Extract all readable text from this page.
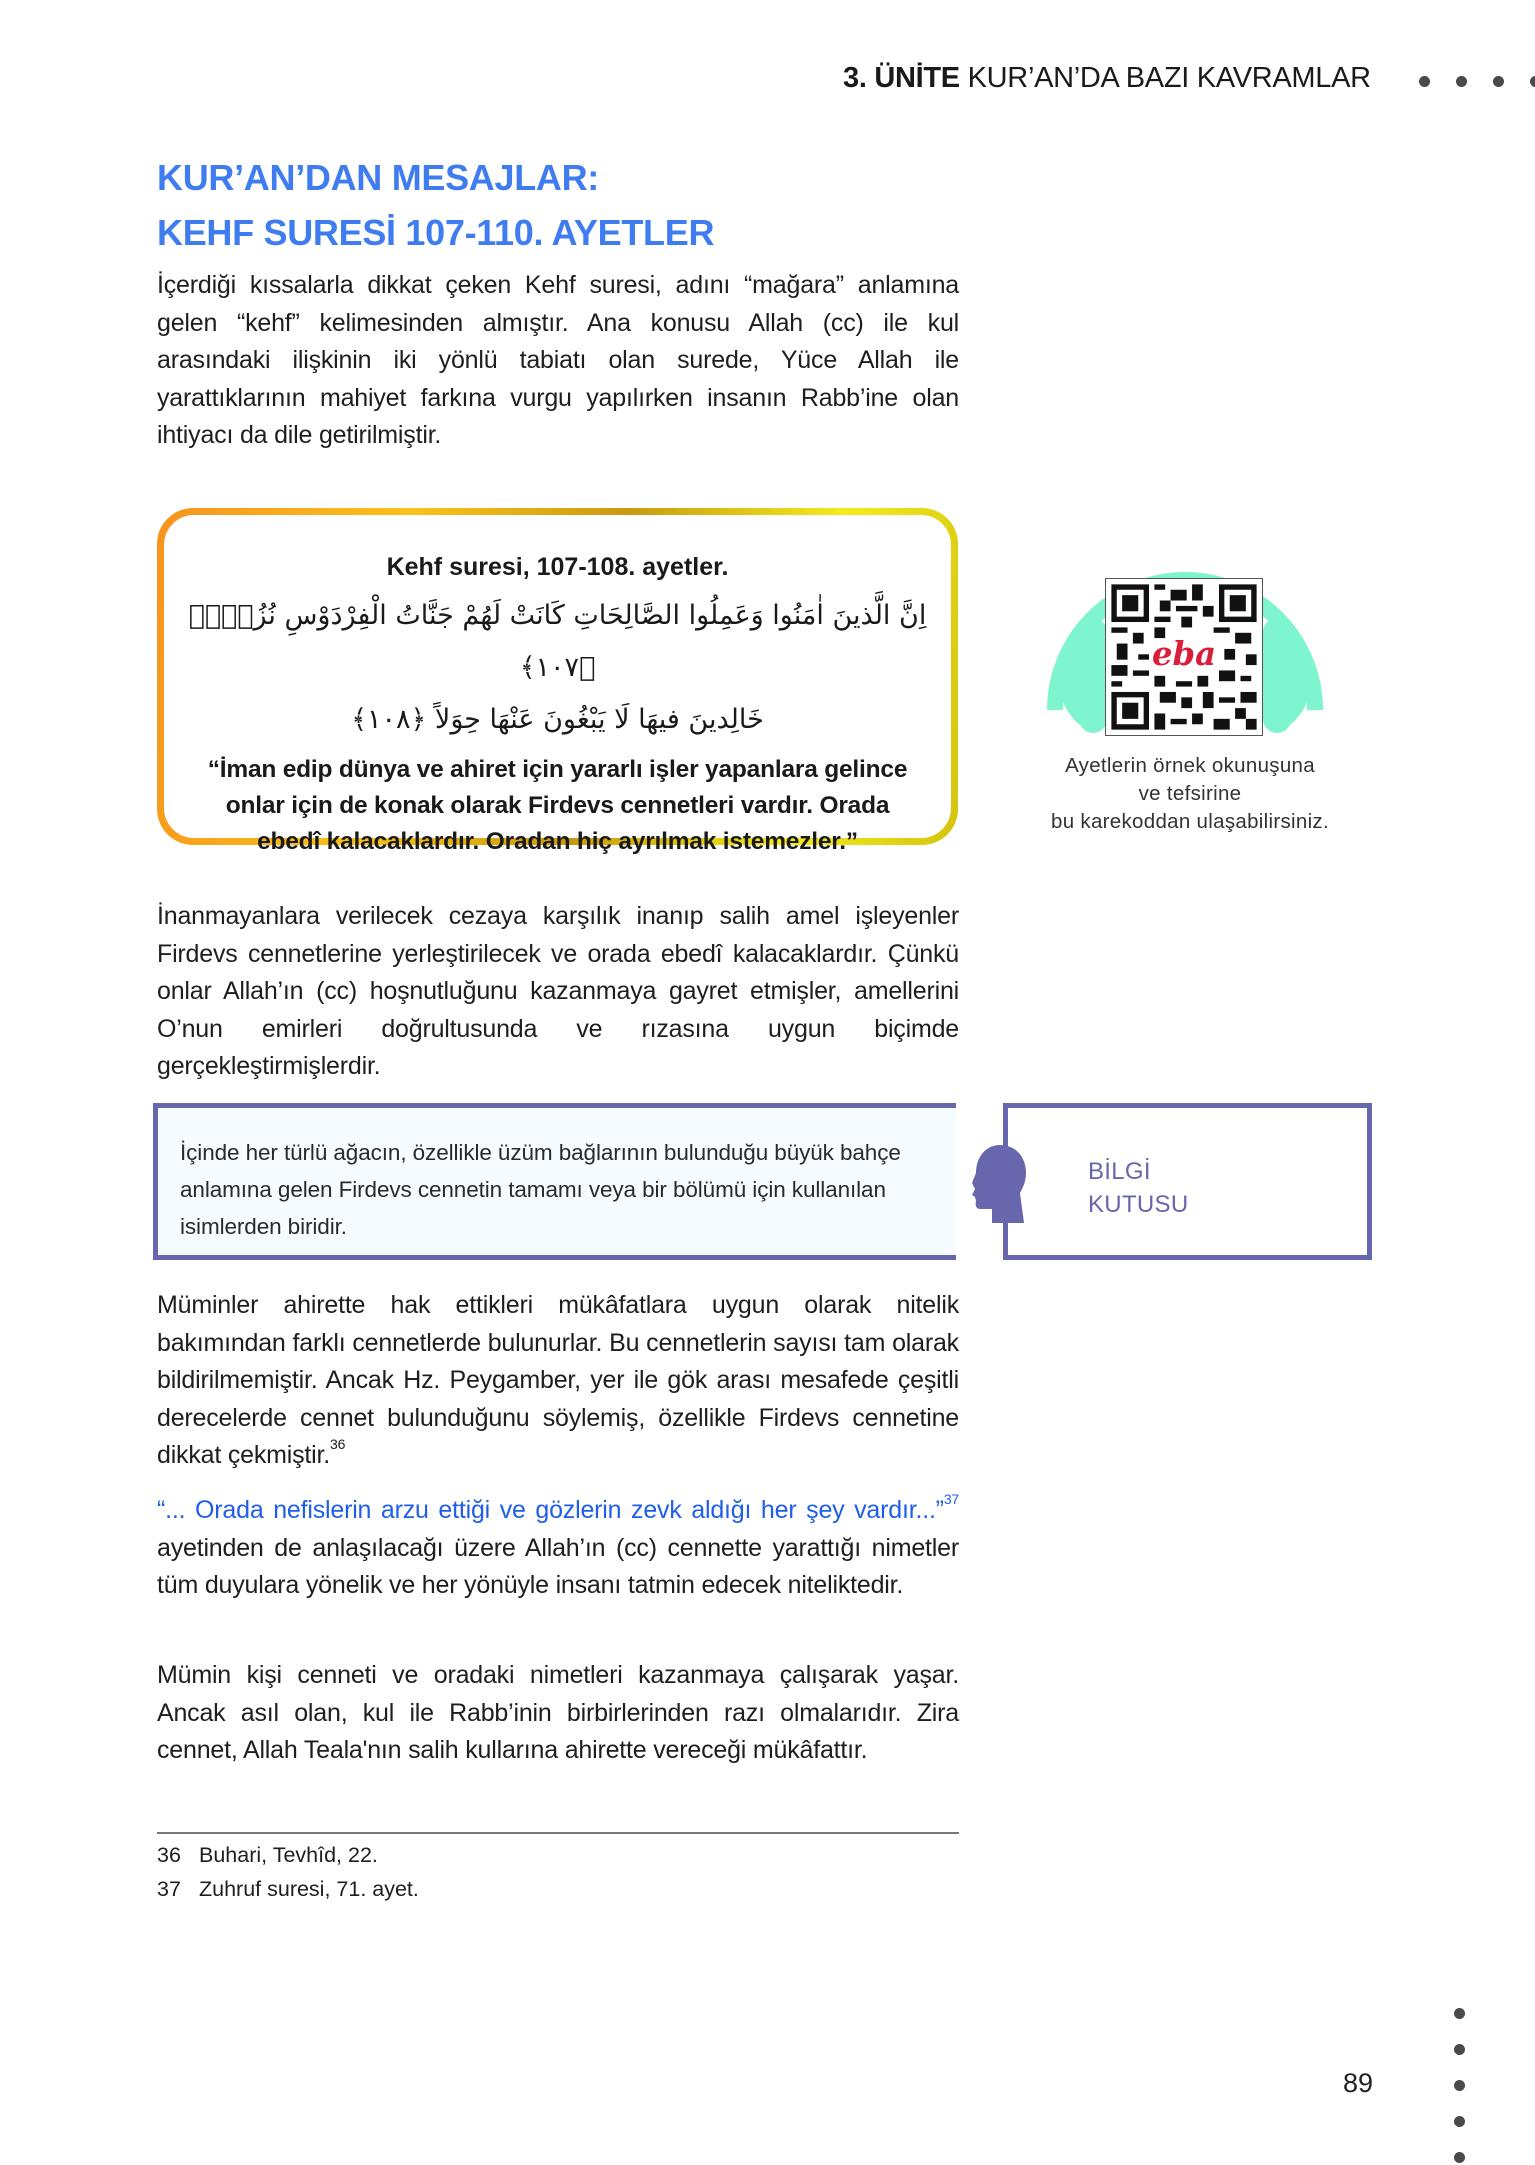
3. ÜNİTE KUR’AN’DA BAZI KAVRAMLAR
KUR’AN’DAN MESAJLAR:
KEHF SURESİ 107-110. AYETLER
İçerdiği kıssalarla dikkat çeken Kehf suresi, adını “mağara” anlamına gelen “kehf” kelimesinden almıştır. Ana konusu Allah (cc) ile kul arasındaki ilişkinin iki yönlü tabiatı olan surede, Yüce Allah ile yarattıklarının mahiyet farkına vurgu yapılırken insanın Rabb’ine olan ihtiyacı da dile getirilmiştir.
Kehf suresi, 107-108. ayetler.
اِنَّ الَّذينَ اٰمَنُوا وَعَمِلُوا الصَّالِحَاتِ كَانَتْ لَهُمْ جَنَّاتُ الْفِرْدَوْسِ نُزُلاًۙ ﴿١٠٧﴾
خَالِدينَ فيهَا لَا يَبْغُونَ عَنْهَا حِوَلاً ﴿١٠٨﴾
“İman edip dünya ve ahiret için yararlı işler yapanlara gelince onlar için de konak olarak Firdevs cennetleri vardır. Orada ebedî kalacaklardır. Oradan hiç ayrılmak istemezler.”
eba
Ayetlerin örnek okunuşuna
ve tefsirine
bu karekoddan ulaşabilirsiniz.
İnanmayanlara verilecek cezaya karşılık inanıp salih amel işleyenler Firdevs cennetlerine yerleştirilecek ve orada ebedî kalacaklardır. Çünkü onlar Allah’ın (cc) hoşnutluğunu kazanmaya gayret etmişler, amellerini O’nun emirleri doğrultusunda ve rızasına uygun biçimde gerçekleştirmişlerdir.
İçinde her türlü ağacın, özellikle üzüm bağlarının bulunduğu büyük bahçe anlamına gelen Firdevs cennetin tamamı veya bir bölümü için kullanılan isimlerden biridir.
BİLGİ
KUTUSU
Müminler ahirette hak ettikleri mükâfatlara uygun olarak nitelik bakımından farklı cennetlerde bulunurlar. Bu cennetlerin sayısı tam olarak bildirilmemiştir. Ancak Hz. Peygamber, yer ile gök arası mesafede çeşitli derecelerde cennet bulunduğunu söylemiş, özellikle Firdevs cennetine dikkat çekmiştir.$^{36}$
“... Orada nefislerin arzu ettiği ve gözlerin zevk aldığı her şey vardır...”$^{37}$ ayetinden de anlaşılacağı üzere Allah’ın (cc) cennette yarattığı nimetler tüm duyulara yönelik ve her yönüyle insanı tatmin edecek niteliktedir.
Mümin kişi cenneti ve oradaki nimetleri kazanmaya çalışarak yaşar. Ancak asıl olan, kul ile Rabb’inin birbirlerinden razı olmalarıdır. Zira cennet, Allah Teala'nın salih kullarına ahirette vereceği mükâfattır.
36 Buhari, Tevhîd, 22.
37 Zuhruf suresi, 71. ayet.
89
